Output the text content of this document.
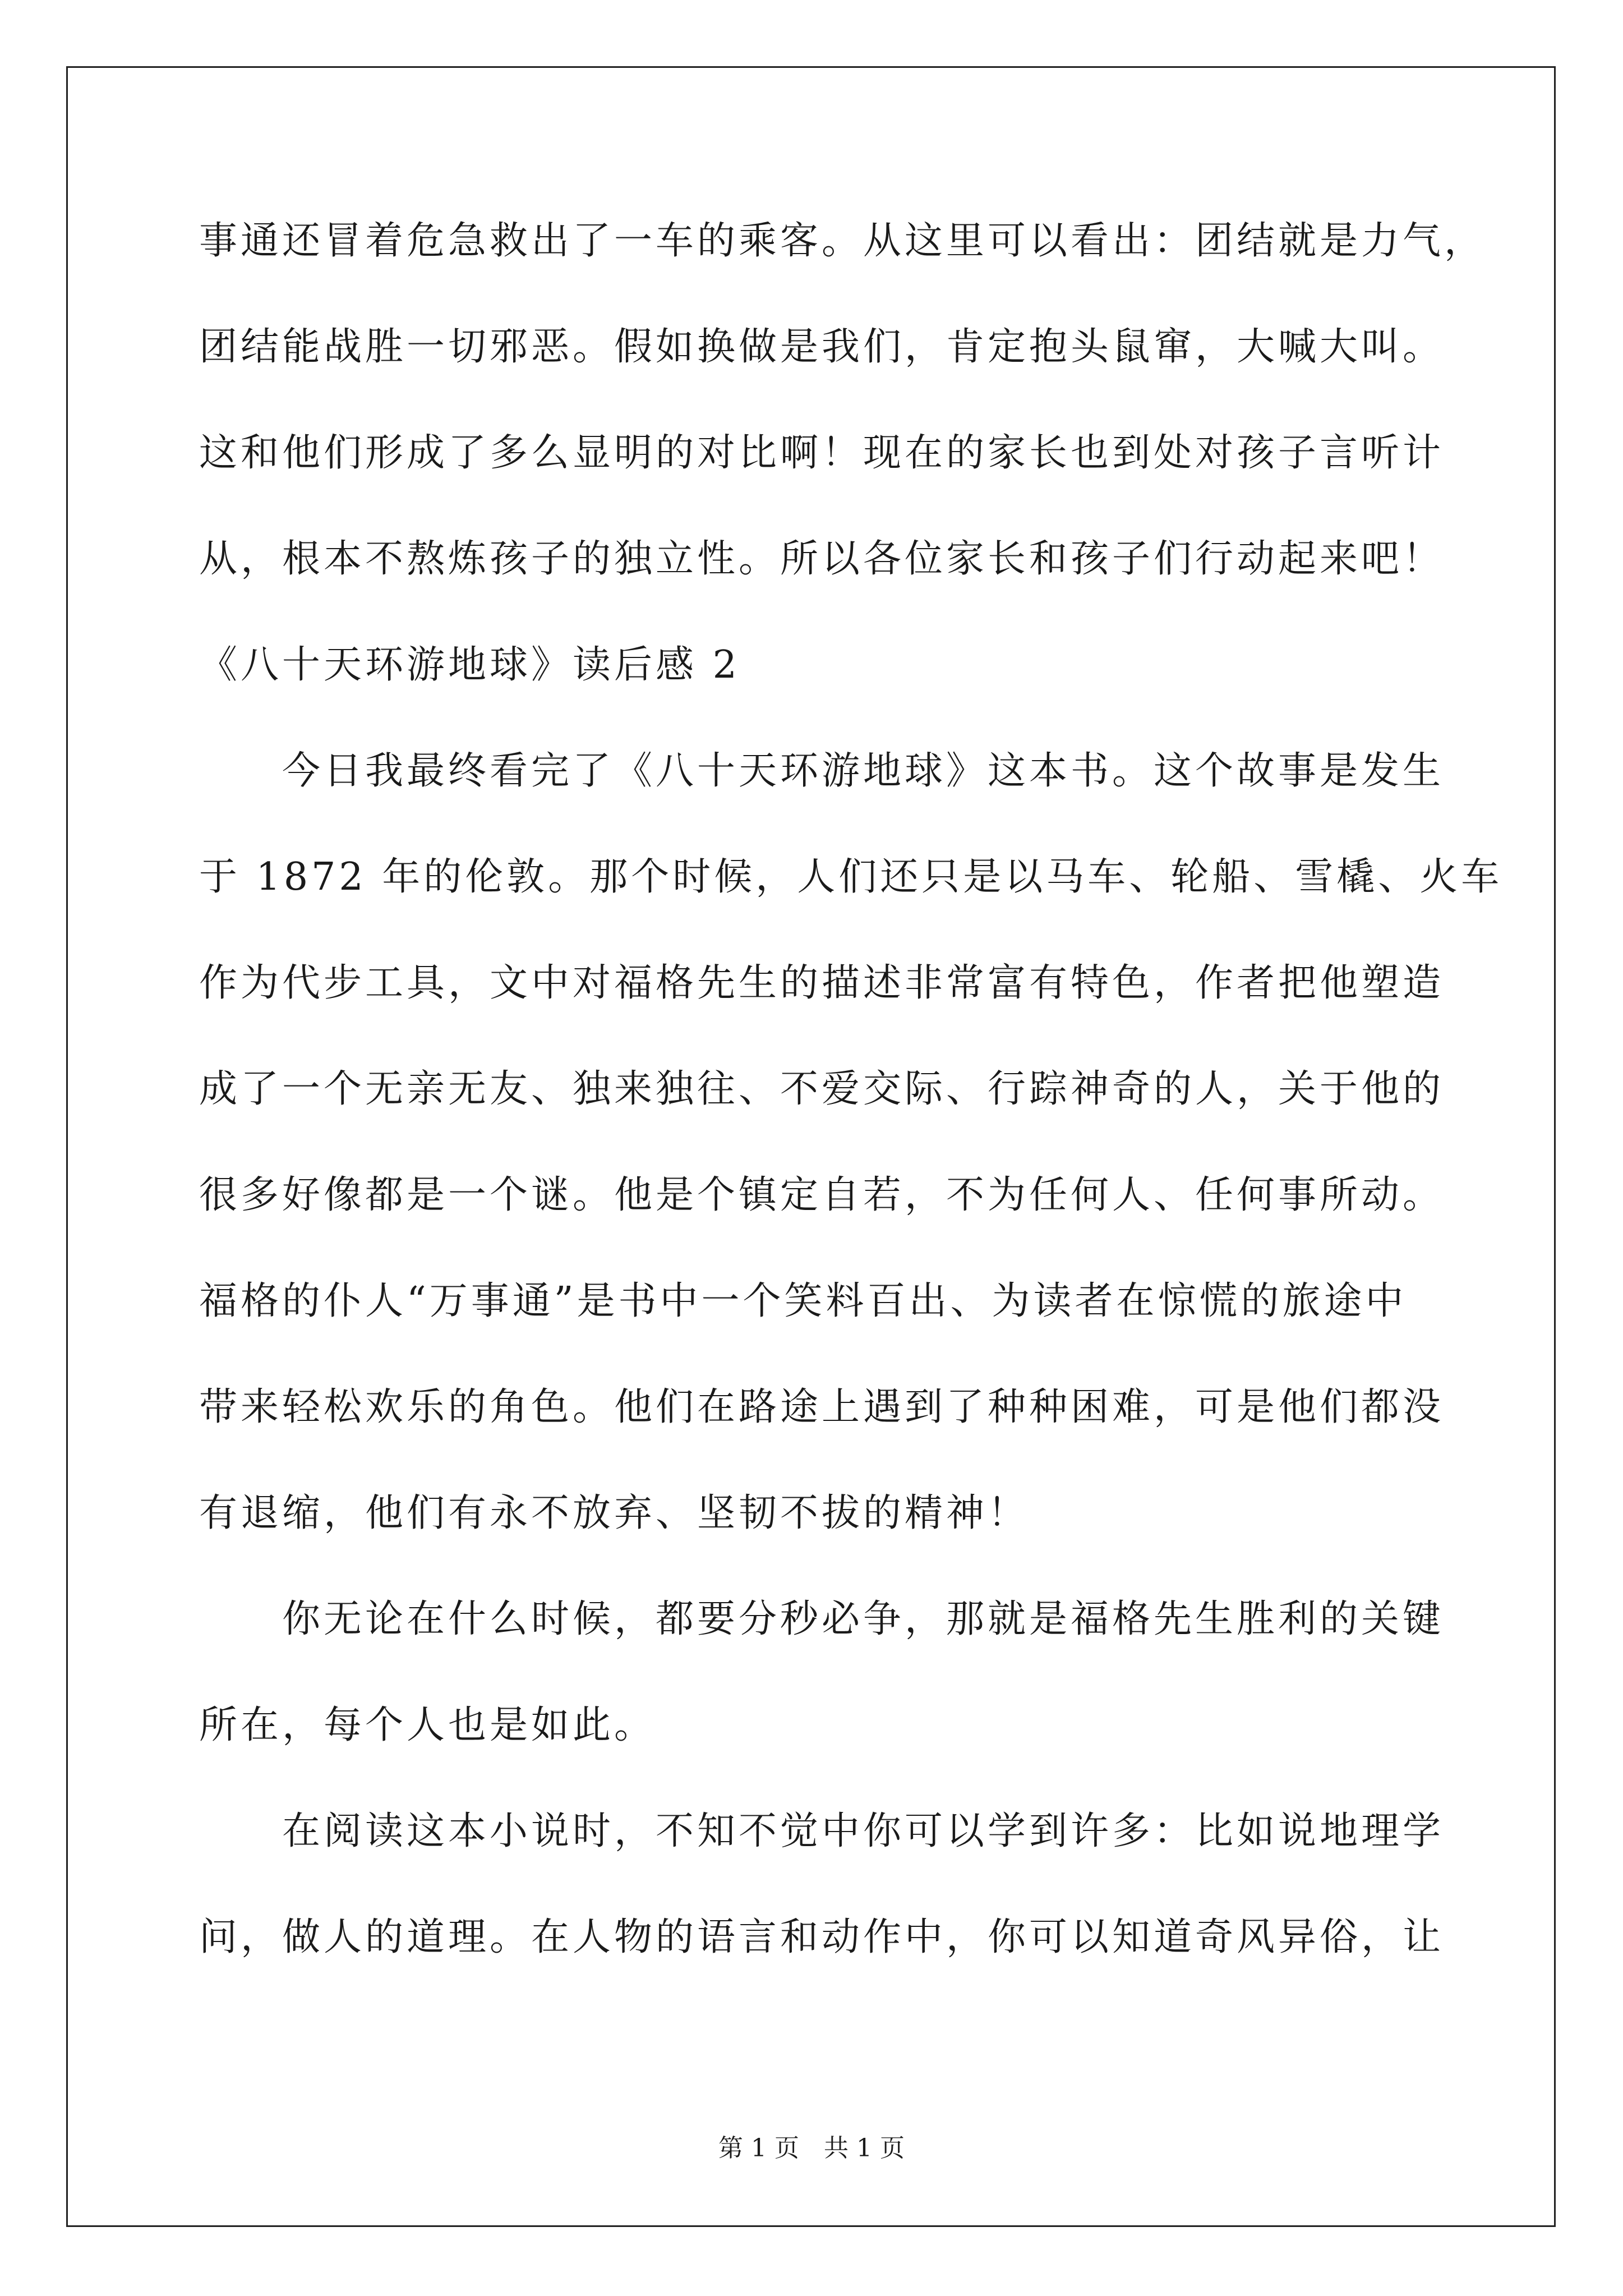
事通还冒着危急救出了一车的乘客。从这里可以看出：团结就是力气，
团结能战胜一切邪恶。假如换做是我们，肯定抱头鼠窜，大喊大叫。
这和他们形成了多么显明的对比啊！现在的家长也到处对孩子言听计
从，根本不熬炼孩子的独立性。所以各位家长和孩子们行动起来吧！
《八十天环游地球》读后感 2
　　今日我最终看完了《八十天环游地球》这本书。这个故事是发生
于 1872 年的伦敦。那个时候，人们还只是以马车、轮船、雪橇、火车
作为代步工具，文中对福格先生的描述非常富有特色，作者把他塑造
成了一个无亲无友、独来独往、不爱交际、行踪神奇的人，关于他的
很多好像都是一个谜。他是个镇定自若，不为任何人、任何事所动。
福格的仆人“万事通”是书中一个笑料百出、为读者在惊慌的旅途中
带来轻松欢乐的角色。他们在路途上遇到了种种困难，可是他们都没
有退缩，他们有永不放弃、坚韧不拔的精神！
　　你无论在什么时候，都要分秒必争，那就是福格先生胜利的关键
所在，每个人也是如此。
　　在阅读这本小说时，不知不觉中你可以学到许多：比如说地理学
问，做人的道理。在人物的语言和动作中，你可以知道奇风异俗，让
第 1 页　共 1 页
